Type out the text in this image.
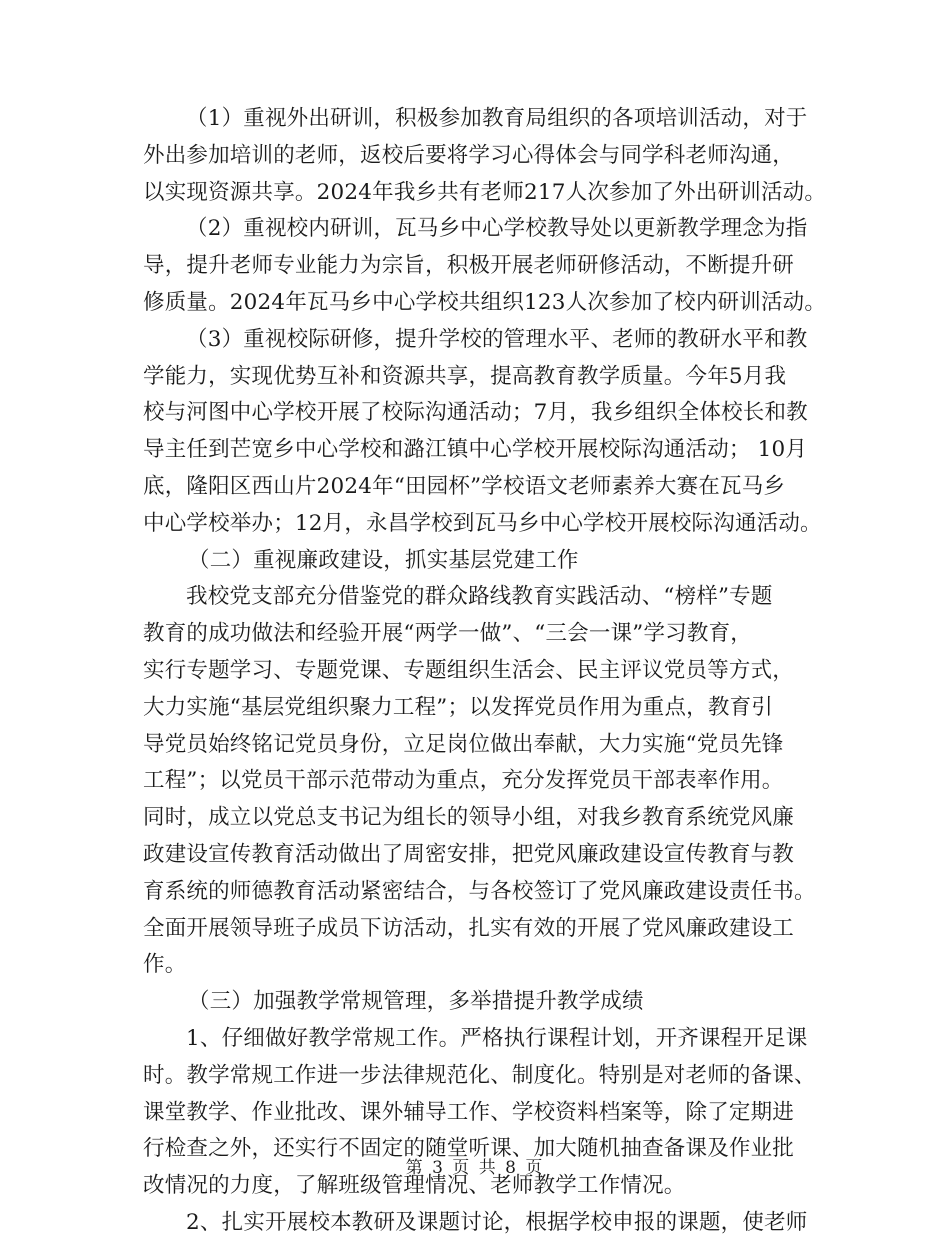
（1）重视外出研训，积极参加教育局组织的各项培训活动，对于
外出参加培训的老师，返校后要将学习心得体会与同学科老师沟通，
以实现资源共享。2024年我乡共有老师217人次参加了外出研训活动。
（2）重视校内研训，瓦马乡中心学校教导处以更新教学理念为指
导，提升老师专业能力为宗旨，积极开展老师研修活动，不断提升研
修质量。2024年瓦马乡中心学校共组织123人次参加了校内研训活动。
（3）重视校际研修，提升学校的管理水平、老师的教研水平和教
学能力，实现优势互补和资源共享，提高教育教学质量。今年5月我
校与河图中心学校开展了校际沟通活动；7月，我乡组织全体校长和教
导主任到芒宽乡中心学校和潞江镇中心学校开展校际沟通活动； 10月
底，隆阳区西山片2024年“田园杯”学校语文老师素养大赛在瓦马乡
中心学校举办；12月，永昌学校到瓦马乡中心学校开展校际沟通活动。
（二）重视廉政建设，抓实基层党建工作
我校党支部充分借鉴党的群众路线教育实践活动、“榜样”专题
教育的成功做法和经验开展“两学一做”、“三会一课”学习教育，
实行专题学习、专题党课、专题组织生活会、民主评议党员等方式，
大力实施“基层党组织聚力工程”；以发挥党员作用为重点，教育引
导党员始终铭记党员身份，立足岗位做出奉献，大力实施“党员先锋
工程”；以党员干部示范带动为重点，充分发挥党员干部表率作用。
同时，成立以党总支书记为组长的领导小组，对我乡教育系统党风廉
政建设宣传教育活动做出了周密安排，把党风廉政建设宣传教育与教
育系统的师德教育活动紧密结合，与各校签订了党风廉政建设责任书。
全面开展领导班子成员下访活动，扎实有效的开展了党风廉政建设工
作。
（三）加强教学常规管理，多举措提升教学成绩
1、仔细做好教学常规工作。严格执行课程计划，开齐课程开足课
时。教学常规工作进一步法律规范化、制度化。特别是对老师的备课、
课堂教学、作业批改、课外辅导工作、学校资料档案等，除了定期进
行检查之外，还实行不固定的随堂听课、加大随机抽查备课及作业批
改情况的力度，了解班级管理情况、老师教学工作情况。
2、扎实开展校本教研及课题讨论，根据学校申报的课题，使老师
第 3 页 共 8 页
